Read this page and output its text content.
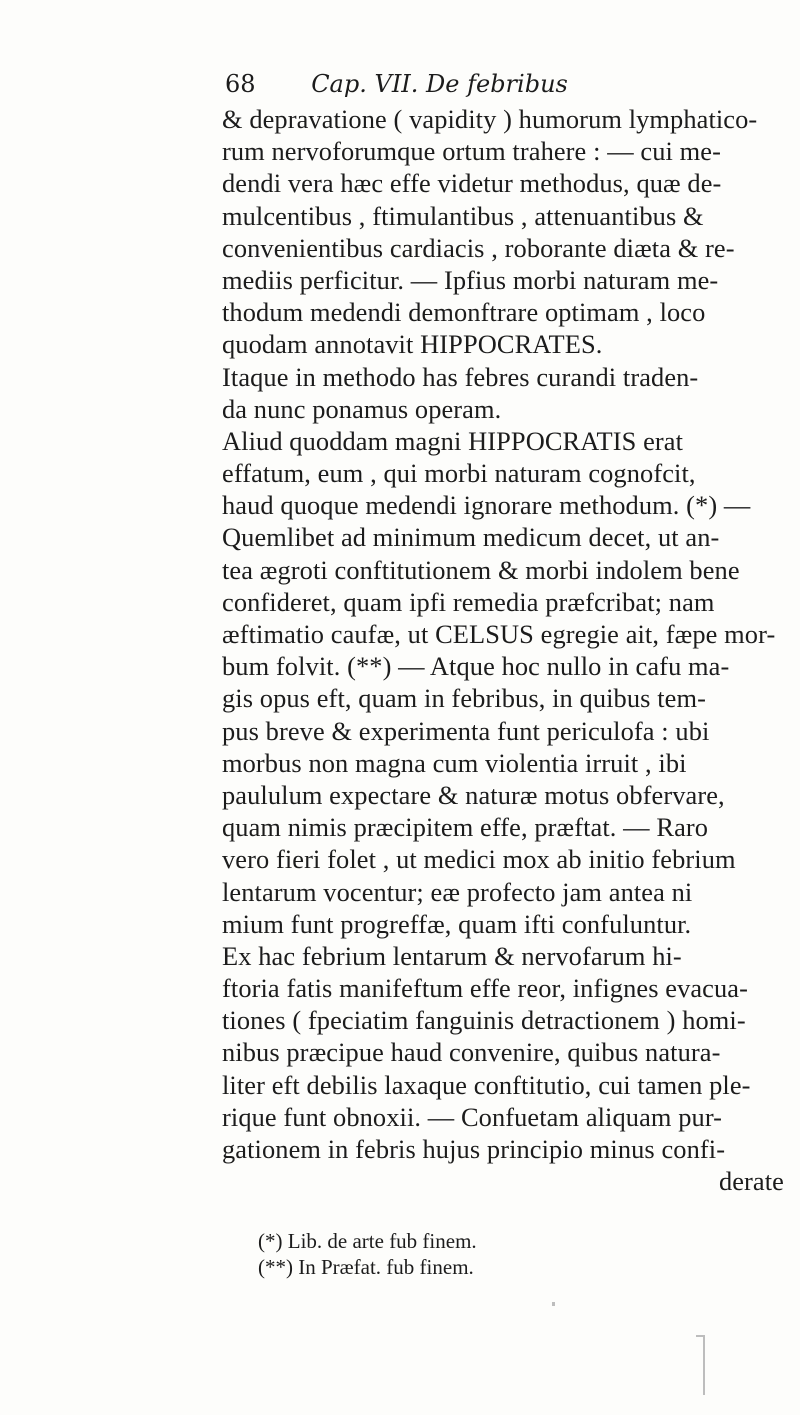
68 Cap. VII. De febribus
& depravatione ( vapidity ) humorum lymphatico-
rum nervoforumque ortum trahere : — cui me-
dendi vera hæc effe videtur methodus, quæ de-
mulcentibus , ftimulantibus , attenuantibus &
convenientibus cardiacis , roborante diæta & re-
mediis perficitur. — Ipfius morbi naturam me-
thodum medendi demonftrare optimam , loco
quodam annotavit HIPPOCRATES.
Itaque in methodo has febres curandi traden-
da nunc ponamus operam.
Aliud quoddam magni HIPPOCRATIS erat
effatum, eum , qui morbi naturam cognofcit,
haud quoque medendi ignorare methodum. (*) —
Quemlibet ad minimum medicum decet, ut an-
tea ægroti conftitutionem & morbi indolem bene
confideret, quam ipfi remedia præfcribat; nam
æftimatio caufæ, ut CELSUS egregie ait, fæpe mor-
bum folvit. (**) — Atque hoc nullo in cafu ma-
gis opus eft, quam in febribus, in quibus tem-
pus breve & experimenta funt periculofa : ubi
morbus non magna cum violentia irruit , ibi
paululum expectare & naturæ motus obfervare,
quam nimis præcipitem effe, præftat. — Raro
vero fieri folet , ut medici mox ab initio febrium
lentarum vocentur; eæ profecto jam antea ni
mium funt progreffæ, quam ifti confuluntur.
Ex hac febrium lentarum & nervofarum hi-
ftoria fatis manifeftum effe reor, infignes evacua-
tiones ( fpeciatim fanguinis detractionem ) homi-
nibus præcipue haud convenire, quibus natura-
liter eft debilis laxaque conftitutio, cui tamen ple-
rique funt obnoxii. — Confuetam aliquam pur-
gationem in febris hujus principio minus confi-
derate
(*) Lib. de arte fub finem.
(**) In Præfat. fub finem.
